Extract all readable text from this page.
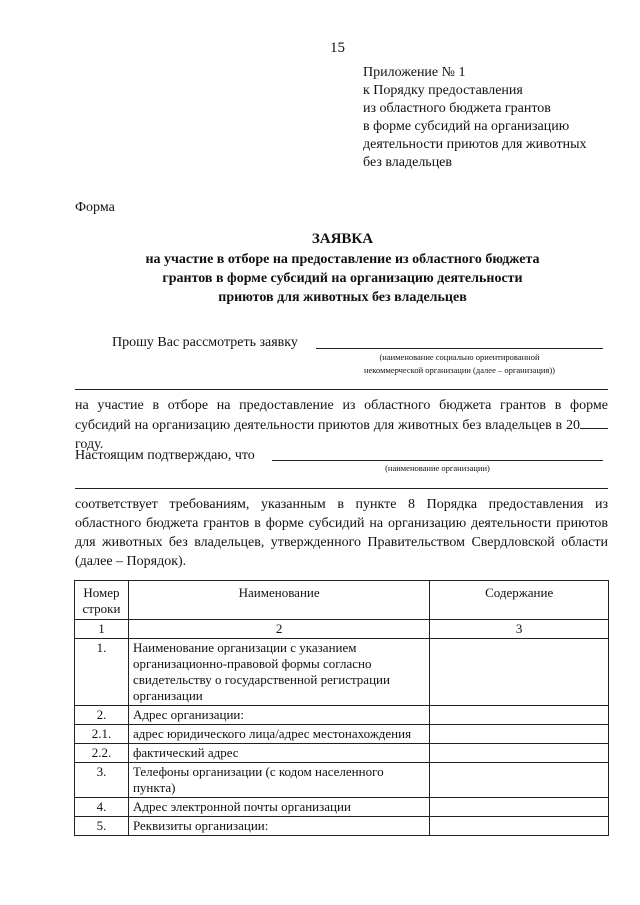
15
Приложение № 1
к Порядку предоставления
из областного бюджета грантов
в форме субсидий на организацию
деятельности приютов для животных
без владельцев
Форма
ЗАЯВКА
на участие в отборе на предоставление из областного бюджета
грантов в форме субсидий на организацию деятельности
приютов для животных без владельцев
Прошу Вас рассмотреть заявку
(наименование социально ориентированной
некоммерческой организации (далее – организация))
на участие в отборе на предоставление из областного бюджета грантов в форме субсидий на организацию деятельности приютов для животных без владельцев в 20году.
Настоящим подтверждаю, что
(наименование организации)
соответствует требованиям, указанным в пункте 8 Порядка предоставления из областного бюджета грантов в форме субсидий на организацию деятельности приютов для животных без владельцев, утвержденного Правительством Свердловской области (далее – Порядок).
Номер
строки	Наименование	Содержание
1	2	3
1.	Наименование организации с указанием организационно-правовой формы согласно свидетельству о государственной регистрации организации	
2.	Адрес организации:	
2.1.	адрес юридического лица/адрес местонахождения	
2.2.	фактический адрес	
3.	Телефоны организации (с кодом населенного пункта)	
4.	Адрес электронной почты организации	
5.	Реквизиты организации:	
